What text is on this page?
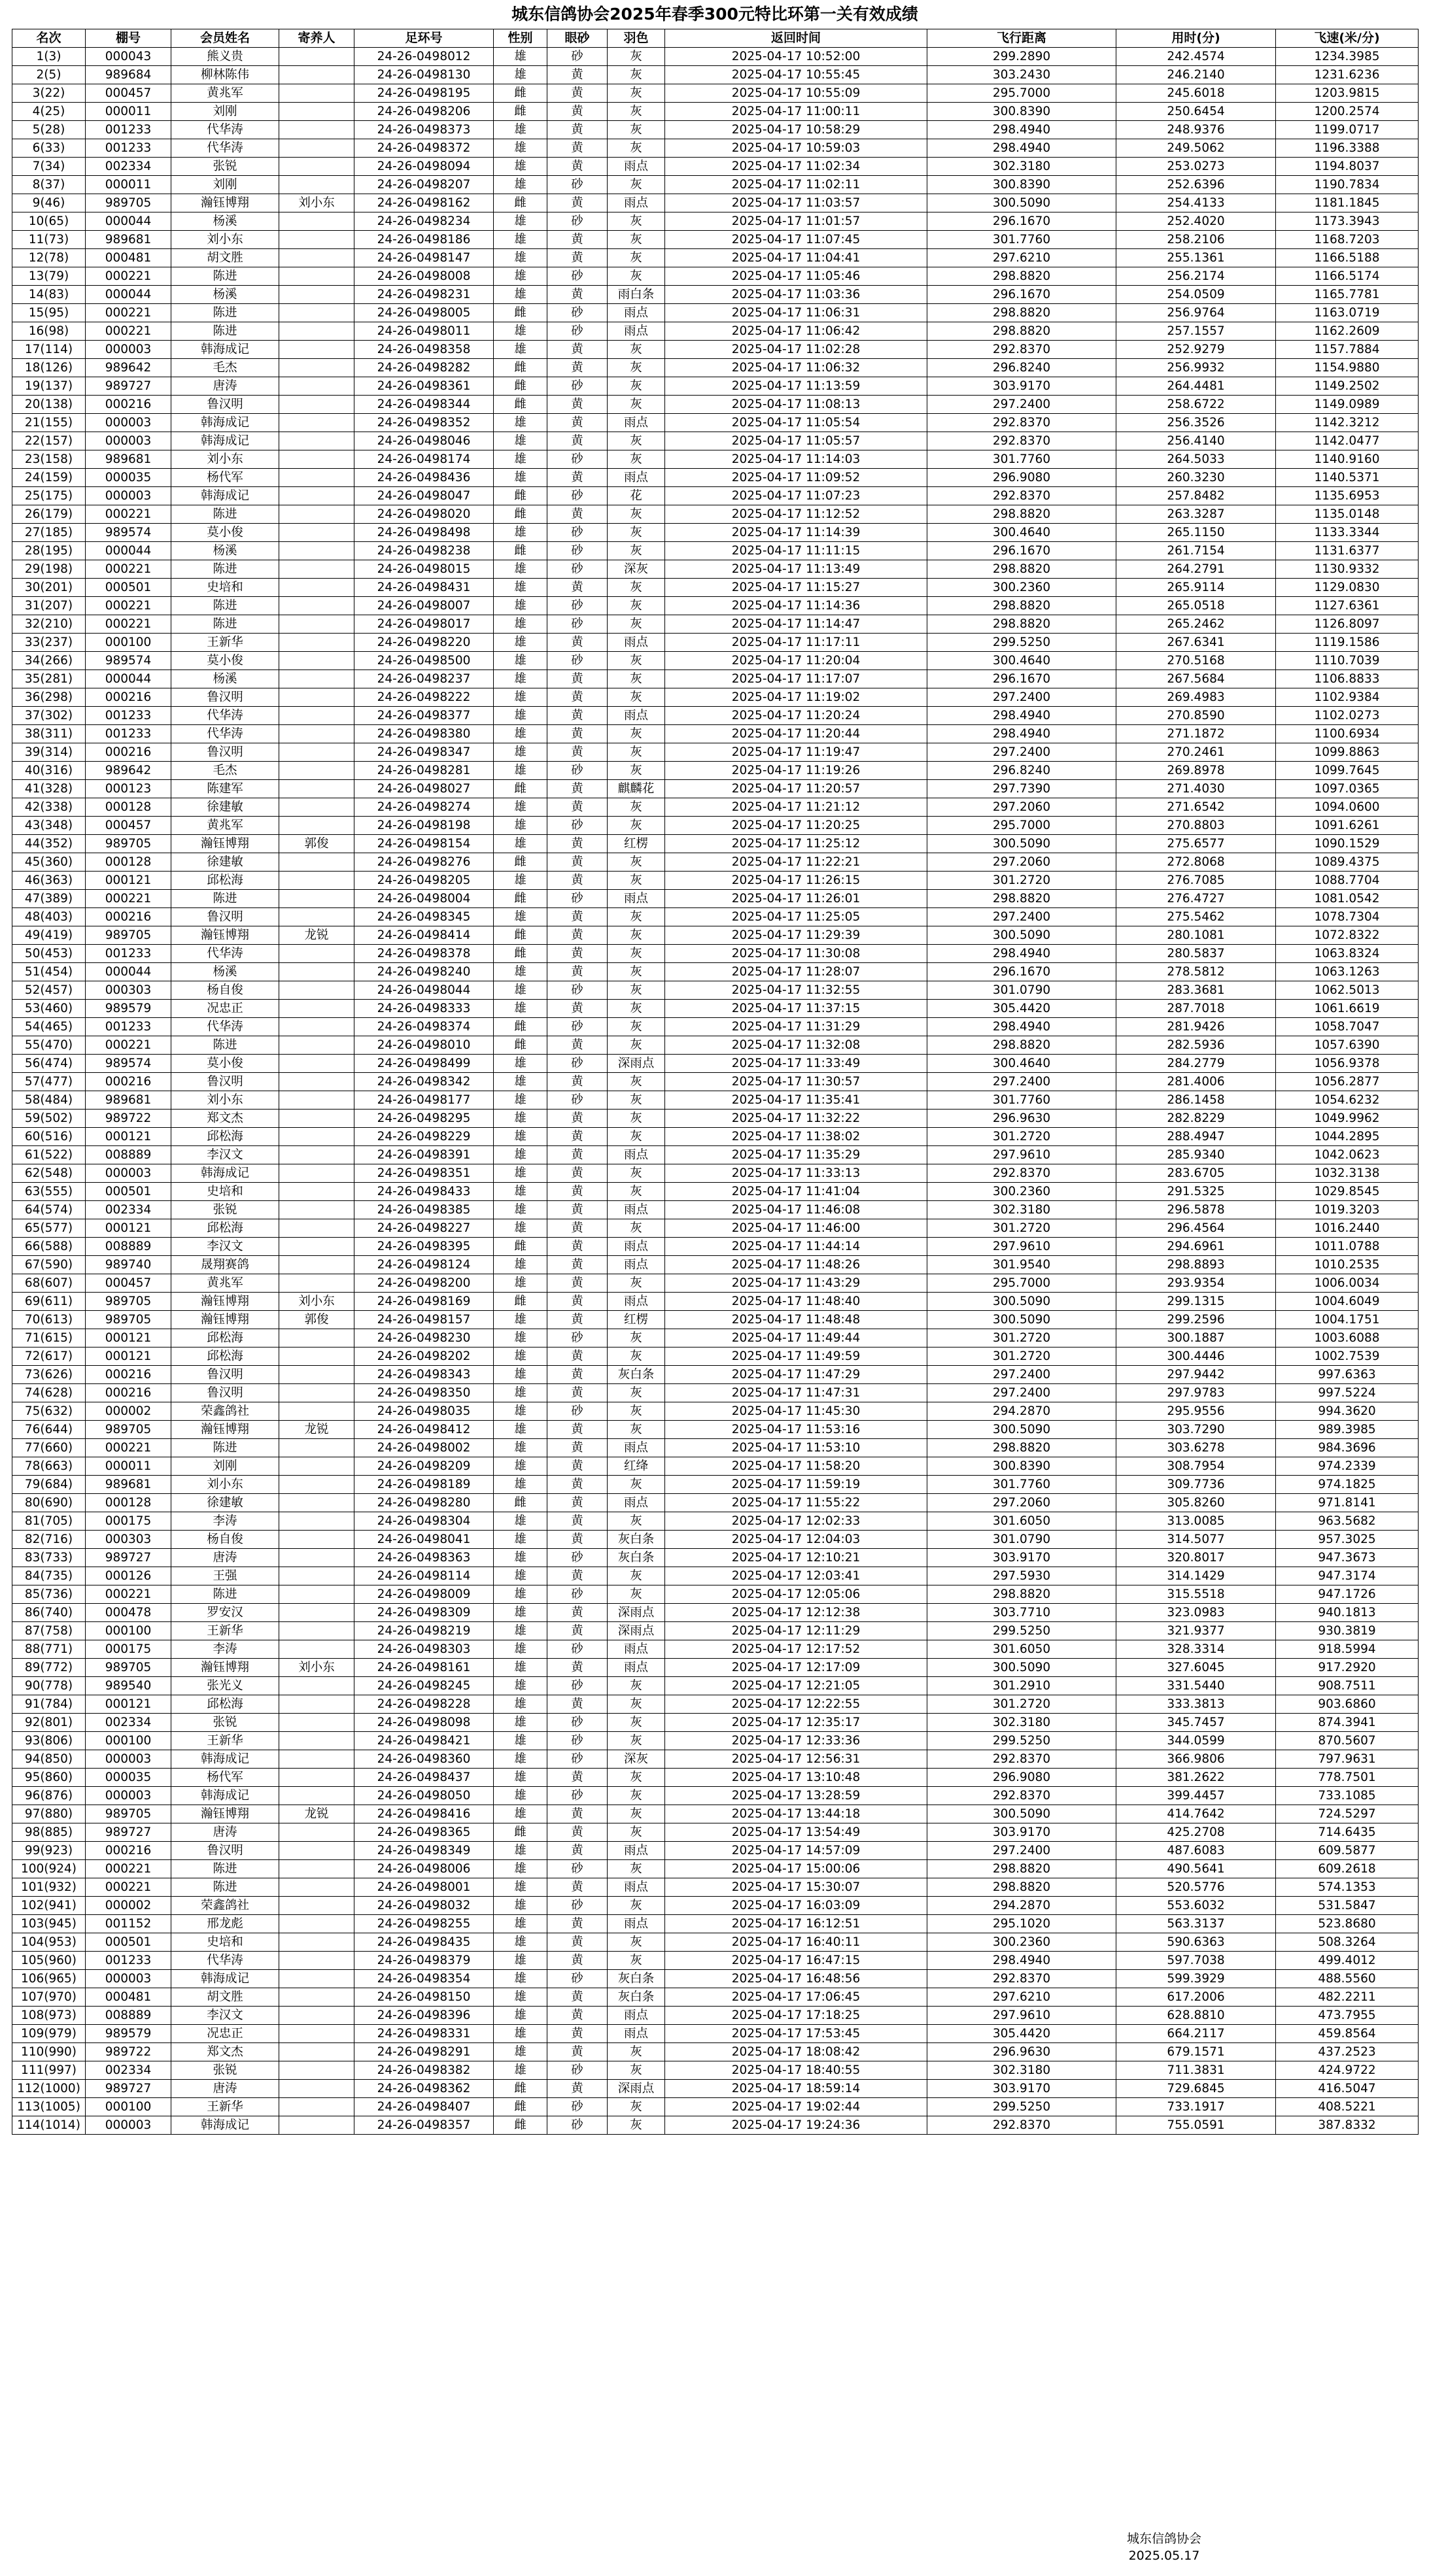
城东信鸽协会2025年春季300元特比环第一关有效成绩
名次	棚号	会员姓名	寄养人	足环号	性别	眼砂	羽色	返回时间	飞行距离	用时(分)	飞速(米/分)
1(3)	000043	熊义贵		24-26-0498012	雄	砂	灰	2025-04-17 10:52:00	299.2890	242.4574	1234.3985
2(5)	989684	柳林陈伟		24-26-0498130	雄	黄	灰	2025-04-17 10:55:45	303.2430	246.2140	1231.6236
3(22)	000457	黄兆军		24-26-0498195	雌	黄	灰	2025-04-17 10:55:09	295.7000	245.6018	1203.9815
4(25)	000011	刘刚		24-26-0498206	雌	黄	灰	2025-04-17 11:00:11	300.8390	250.6454	1200.2574
5(28)	001233	代华涛		24-26-0498373	雄	黄	灰	2025-04-17 10:58:29	298.4940	248.9376	1199.0717
6(33)	001233	代华涛		24-26-0498372	雄	黄	灰	2025-04-17 10:59:03	298.4940	249.5062	1196.3388
7(34)	002334	张锐		24-26-0498094	雄	黄	雨点	2025-04-17 11:02:34	302.3180	253.0273	1194.8037
8(37)	000011	刘刚		24-26-0498207	雄	砂	灰	2025-04-17 11:02:11	300.8390	252.6396	1190.7834
9(46)	989705	瀚钰博翔	刘小东	24-26-0498162	雌	黄	雨点	2025-04-17 11:03:57	300.5090	254.4133	1181.1845
10(65)	000044	杨溪		24-26-0498234	雄	砂	灰	2025-04-17 11:01:57	296.1670	252.4020	1173.3943
11(73)	989681	刘小东		24-26-0498186	雄	黄	灰	2025-04-17 11:07:45	301.7760	258.2106	1168.7203
12(78)	000481	胡文胜		24-26-0498147	雄	黄	灰	2025-04-17 11:04:41	297.6210	255.1361	1166.5188
13(79)	000221	陈进		24-26-0498008	雄	砂	灰	2025-04-17 11:05:46	298.8820	256.2174	1166.5174
14(83)	000044	杨溪		24-26-0498231	雄	黄	雨白条	2025-04-17 11:03:36	296.1670	254.0509	1165.7781
15(95)	000221	陈进		24-26-0498005	雌	砂	雨点	2025-04-17 11:06:31	298.8820	256.9764	1163.0719
16(98)	000221	陈进		24-26-0498011	雄	砂	雨点	2025-04-17 11:06:42	298.8820	257.1557	1162.2609
17(114)	000003	韩海成记		24-26-0498358	雄	黄	灰	2025-04-17 11:02:28	292.8370	252.9279	1157.7884
18(126)	989642	毛杰		24-26-0498282	雌	黄	灰	2025-04-17 11:06:32	296.8240	256.9932	1154.9880
19(137)	989727	唐涛		24-26-0498361	雌	砂	灰	2025-04-17 11:13:59	303.9170	264.4481	1149.2502
20(138)	000216	鲁汉明		24-26-0498344	雌	黄	灰	2025-04-17 11:08:13	297.2400	258.6722	1149.0989
21(155)	000003	韩海成记		24-26-0498352	雄	黄	雨点	2025-04-17 11:05:54	292.8370	256.3526	1142.3212
22(157)	000003	韩海成记		24-26-0498046	雄	黄	灰	2025-04-17 11:05:57	292.8370	256.4140	1142.0477
23(158)	989681	刘小东		24-26-0498174	雄	砂	灰	2025-04-17 11:14:03	301.7760	264.5033	1140.9160
24(159)	000035	杨代军		24-26-0498436	雄	黄	雨点	2025-04-17 11:09:52	296.9080	260.3230	1140.5371
25(175)	000003	韩海成记		24-26-0498047	雌	砂	花	2025-04-17 11:07:23	292.8370	257.8482	1135.6953
26(179)	000221	陈进		24-26-0498020	雌	黄	灰	2025-04-17 11:12:52	298.8820	263.3287	1135.0148
27(185)	989574	莫小俊		24-26-0498498	雄	砂	灰	2025-04-17 11:14:39	300.4640	265.1150	1133.3344
28(195)	000044	杨溪		24-26-0498238	雌	砂	灰	2025-04-17 11:11:15	296.1670	261.7154	1131.6377
29(198)	000221	陈进		24-26-0498015	雄	砂	深灰	2025-04-17 11:13:49	298.8820	264.2791	1130.9332
30(201)	000501	史培和		24-26-0498431	雄	黄	灰	2025-04-17 11:15:27	300.2360	265.9114	1129.0830
31(207)	000221	陈进		24-26-0498007	雄	砂	灰	2025-04-17 11:14:36	298.8820	265.0518	1127.6361
32(210)	000221	陈进		24-26-0498017	雄	砂	灰	2025-04-17 11:14:47	298.8820	265.2462	1126.8097
33(237)	000100	王新华		24-26-0498220	雄	黄	雨点	2025-04-17 11:17:11	299.5250	267.6341	1119.1586
34(266)	989574	莫小俊		24-26-0498500	雄	砂	灰	2025-04-17 11:20:04	300.4640	270.5168	1110.7039
35(281)	000044	杨溪		24-26-0498237	雄	黄	灰	2025-04-17 11:17:07	296.1670	267.5684	1106.8833
36(298)	000216	鲁汉明		24-26-0498222	雄	黄	灰	2025-04-17 11:19:02	297.2400	269.4983	1102.9384
37(302)	001233	代华涛		24-26-0498377	雄	黄	雨点	2025-04-17 11:20:24	298.4940	270.8590	1102.0273
38(311)	001233	代华涛		24-26-0498380	雄	黄	灰	2025-04-17 11:20:44	298.4940	271.1872	1100.6934
39(314)	000216	鲁汉明		24-26-0498347	雄	黄	灰	2025-04-17 11:19:47	297.2400	270.2461	1099.8863
40(316)	989642	毛杰		24-26-0498281	雄	砂	灰	2025-04-17 11:19:26	296.8240	269.8978	1099.7645
41(328)	000123	陈建军		24-26-0498027	雌	黄	麒麟花	2025-04-17 11:20:57	297.7390	271.4030	1097.0365
42(338)	000128	徐建敏		24-26-0498274	雄	黄	灰	2025-04-17 11:21:12	297.2060	271.6542	1094.0600
43(348)	000457	黄兆军		24-26-0498198	雄	砂	灰	2025-04-17 11:20:25	295.7000	270.8803	1091.6261
44(352)	989705	瀚钰博翔	郭俊	24-26-0498154	雄	黄	红楞	2025-04-17 11:25:12	300.5090	275.6577	1090.1529
45(360)	000128	徐建敏		24-26-0498276	雌	黄	灰	2025-04-17 11:22:21	297.2060	272.8068	1089.4375
46(363)	000121	邱松海		24-26-0498205	雄	黄	灰	2025-04-17 11:26:15	301.2720	276.7085	1088.7704
47(389)	000221	陈进		24-26-0498004	雌	砂	雨点	2025-04-17 11:26:01	298.8820	276.4727	1081.0542
48(403)	000216	鲁汉明		24-26-0498345	雄	黄	灰	2025-04-17 11:25:05	297.2400	275.5462	1078.7304
49(419)	989705	瀚钰博翔	龙锐	24-26-0498414	雌	黄	灰	2025-04-17 11:29:39	300.5090	280.1081	1072.8322
50(453)	001233	代华涛		24-26-0498378	雌	黄	灰	2025-04-17 11:30:08	298.4940	280.5837	1063.8324
51(454)	000044	杨溪		24-26-0498240	雄	黄	灰	2025-04-17 11:28:07	296.1670	278.5812	1063.1263
52(457)	000303	杨自俊		24-26-0498044	雄	砂	灰	2025-04-17 11:32:55	301.0790	283.3681	1062.5013
53(460)	989579	况忠正		24-26-0498333	雄	黄	灰	2025-04-17 11:37:15	305.4420	287.7018	1061.6619
54(465)	001233	代华涛		24-26-0498374	雌	砂	灰	2025-04-17 11:31:29	298.4940	281.9426	1058.7047
55(470)	000221	陈进		24-26-0498010	雌	黄	灰	2025-04-17 11:32:08	298.8820	282.5936	1057.6390
56(474)	989574	莫小俊		24-26-0498499	雄	砂	深雨点	2025-04-17 11:33:49	300.4640	284.2779	1056.9378
57(477)	000216	鲁汉明		24-26-0498342	雄	黄	灰	2025-04-17 11:30:57	297.2400	281.4006	1056.2877
58(484)	989681	刘小东		24-26-0498177	雄	砂	灰	2025-04-17 11:35:41	301.7760	286.1458	1054.6232
59(502)	989722	郑文杰		24-26-0498295	雄	黄	灰	2025-04-17 11:32:22	296.9630	282.8229	1049.9962
60(516)	000121	邱松海		24-26-0498229	雄	黄	灰	2025-04-17 11:38:02	301.2720	288.4947	1044.2895
61(522)	008889	李汉文		24-26-0498391	雄	黄	雨点	2025-04-17 11:35:29	297.9610	285.9340	1042.0623
62(548)	000003	韩海成记		24-26-0498351	雄	黄	灰	2025-04-17 11:33:13	292.8370	283.6705	1032.3138
63(555)	000501	史培和		24-26-0498433	雄	黄	灰	2025-04-17 11:41:04	300.2360	291.5325	1029.8545
64(574)	002334	张锐		24-26-0498385	雄	黄	雨点	2025-04-17 11:46:08	302.3180	296.5878	1019.3203
65(577)	000121	邱松海		24-26-0498227	雄	黄	灰	2025-04-17 11:46:00	301.2720	296.4564	1016.2440
66(588)	008889	李汉文		24-26-0498395	雌	黄	雨点	2025-04-17 11:44:14	297.9610	294.6961	1011.0788
67(590)	989740	晟翔赛鸽		24-26-0498124	雄	黄	雨点	2025-04-17 11:48:26	301.9540	298.8893	1010.2535
68(607)	000457	黄兆军		24-26-0498200	雄	黄	灰	2025-04-17 11:43:29	295.7000	293.9354	1006.0034
69(611)	989705	瀚钰博翔	刘小东	24-26-0498169	雌	黄	雨点	2025-04-17 11:48:40	300.5090	299.1315	1004.6049
70(613)	989705	瀚钰博翔	郭俊	24-26-0498157	雄	黄	红楞	2025-04-17 11:48:48	300.5090	299.2596	1004.1751
71(615)	000121	邱松海		24-26-0498230	雄	砂	灰	2025-04-17 11:49:44	301.2720	300.1887	1003.6088
72(617)	000121	邱松海		24-26-0498202	雄	黄	灰	2025-04-17 11:49:59	301.2720	300.4446	1002.7539
73(626)	000216	鲁汉明		24-26-0498343	雄	黄	灰白条	2025-04-17 11:47:29	297.2400	297.9442	997.6363
74(628)	000216	鲁汉明		24-26-0498350	雄	黄	灰	2025-04-17 11:47:31	297.2400	297.9783	997.5224
75(632)	000002	荣鑫鸽社		24-26-0498035	雄	砂	灰	2025-04-17 11:45:30	294.2870	295.9556	994.3620
76(644)	989705	瀚钰博翔	龙锐	24-26-0498412	雄	黄	灰	2025-04-17 11:53:16	300.5090	303.7290	989.3985
77(660)	000221	陈进		24-26-0498002	雄	黄	雨点	2025-04-17 11:53:10	298.8820	303.6278	984.3696
78(663)	000011	刘刚		24-26-0498209	雄	黄	红绛	2025-04-17 11:58:20	300.8390	308.7954	974.2339
79(684)	989681	刘小东		24-26-0498189	雄	黄	灰	2025-04-17 11:59:19	301.7760	309.7736	974.1825
80(690)	000128	徐建敏		24-26-0498280	雌	黄	雨点	2025-04-17 11:55:22	297.2060	305.8260	971.8141
81(705)	000175	李涛		24-26-0498304	雄	黄	灰	2025-04-17 12:02:33	301.6050	313.0085	963.5682
82(716)	000303	杨自俊		24-26-0498041	雄	黄	灰白条	2025-04-17 12:04:03	301.0790	314.5077	957.3025
83(733)	989727	唐涛		24-26-0498363	雄	砂	灰白条	2025-04-17 12:10:21	303.9170	320.8017	947.3673
84(735)	000126	王强		24-26-0498114	雄	黄	灰	2025-04-17 12:03:41	297.5930	314.1429	947.3174
85(736)	000221	陈进		24-26-0498009	雄	砂	灰	2025-04-17 12:05:06	298.8820	315.5518	947.1726
86(740)	000478	罗安汉		24-26-0498309	雄	黄	深雨点	2025-04-17 12:12:38	303.7710	323.0983	940.1813
87(758)	000100	王新华		24-26-0498219	雄	黄	深雨点	2025-04-17 12:11:29	299.5250	321.9377	930.3819
88(771)	000175	李涛		24-26-0498303	雄	砂	雨点	2025-04-17 12:17:52	301.6050	328.3314	918.5994
89(772)	989705	瀚钰博翔	刘小东	24-26-0498161	雄	黄	雨点	2025-04-17 12:17:09	300.5090	327.6045	917.2920
90(778)	989540	张光义		24-26-0498245	雄	砂	灰	2025-04-17 12:21:05	301.2910	331.5440	908.7511
91(784)	000121	邱松海		24-26-0498228	雄	黄	灰	2025-04-17 12:22:55	301.2720	333.3813	903.6860
92(801)	002334	张锐		24-26-0498098	雄	砂	灰	2025-04-17 12:35:17	302.3180	345.7457	874.3941
93(806)	000100	王新华		24-26-0498421	雄	砂	灰	2025-04-17 12:33:36	299.5250	344.0599	870.5607
94(850)	000003	韩海成记		24-26-0498360	雄	砂	深灰	2025-04-17 12:56:31	292.8370	366.9806	797.9631
95(860)	000035	杨代军		24-26-0498437	雄	黄	灰	2025-04-17 13:10:48	296.9080	381.2622	778.7501
96(876)	000003	韩海成记		24-26-0498050	雄	砂	灰	2025-04-17 13:28:59	292.8370	399.4457	733.1085
97(880)	989705	瀚钰博翔	龙锐	24-26-0498416	雄	黄	灰	2025-04-17 13:44:18	300.5090	414.7642	724.5297
98(885)	989727	唐涛		24-26-0498365	雌	黄	灰	2025-04-17 13:54:49	303.9170	425.2708	714.6435
99(923)	000216	鲁汉明		24-26-0498349	雄	黄	雨点	2025-04-17 14:57:09	297.2400	487.6083	609.5877
100(924)	000221	陈进		24-26-0498006	雄	砂	灰	2025-04-17 15:00:06	298.8820	490.5641	609.2618
101(932)	000221	陈进		24-26-0498001	雄	黄	雨点	2025-04-17 15:30:07	298.8820	520.5776	574.1353
102(941)	000002	荣鑫鸽社		24-26-0498032	雄	砂	灰	2025-04-17 16:03:09	294.2870	553.6032	531.5847
103(945)	001152	邢龙彪		24-26-0498255	雄	黄	雨点	2025-04-17 16:12:51	295.1020	563.3137	523.8680
104(953)	000501	史培和		24-26-0498435	雄	黄	灰	2025-04-17 16:40:11	300.2360	590.6363	508.3264
105(960)	001233	代华涛		24-26-0498379	雄	黄	灰	2025-04-17 16:47:15	298.4940	597.7038	499.4012
106(965)	000003	韩海成记		24-26-0498354	雄	砂	灰白条	2025-04-17 16:48:56	292.8370	599.3929	488.5560
107(970)	000481	胡文胜		24-26-0498150	雄	黄	灰白条	2025-04-17 17:06:45	297.6210	617.2006	482.2211
108(973)	008889	李汉文		24-26-0498396	雄	黄	雨点	2025-04-17 17:18:25	297.9610	628.8810	473.7955
109(979)	989579	况忠正		24-26-0498331	雄	黄	雨点	2025-04-17 17:53:45	305.4420	664.2117	459.8564
110(990)	989722	郑文杰		24-26-0498291	雄	黄	灰	2025-04-17 18:08:42	296.9630	679.1571	437.2523
111(997)	002334	张锐		24-26-0498382	雄	砂	灰	2025-04-17 18:40:55	302.3180	711.3831	424.9722
112(1000)	989727	唐涛		24-26-0498362	雌	黄	深雨点	2025-04-17 18:59:14	303.9170	729.6845	416.5047
113(1005)	000100	王新华		24-26-0498407	雌	砂	灰	2025-04-17 19:02:44	299.5250	733.1917	408.5221
114(1014)	000003	韩海成记		24-26-0498357	雌	砂	灰	2025-04-17 19:24:36	292.8370	755.0591	387.8332
城东信鸽协会
2025.05.17
